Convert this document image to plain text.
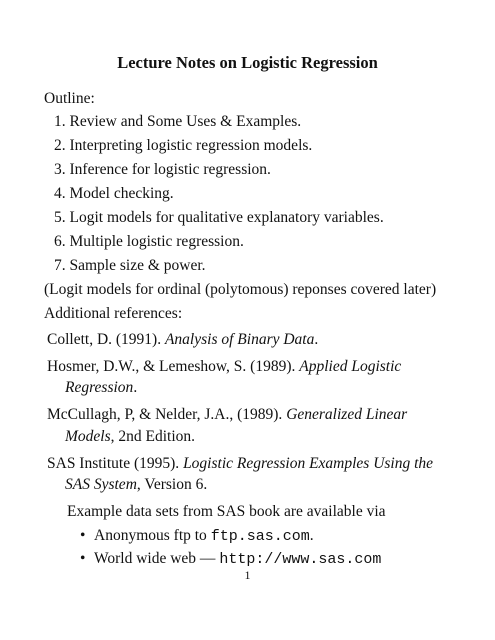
Lecture Notes on Logistic Regression
Outline:
1. Review and Some Uses & Examples.
2. Interpreting logistic regression models.
3. Inference for logistic regression.
4. Model checking.
5. Logit models for qualitative explanatory variables.
6. Multiple logistic regression.
7. Sample size & power.
(Logit models for ordinal (polytomous) reponses covered later)
Additional references:
Collett, D. (1991). Analysis of Binary Data.
Hosmer, D.W., & Lemeshow, S. (1989). Applied Logistic
Regression.
McCullagh, P, & Nelder, J.A., (1989). Generalized Linear
Models, 2nd Edition.
SAS Institute (1995). Logistic Regression Examples Using the
SAS System, Version 6.
Example data sets from SAS book are available via
• Anonymous ftp to ftp.sas.com.
• World wide web — http://www.sas.com
1
